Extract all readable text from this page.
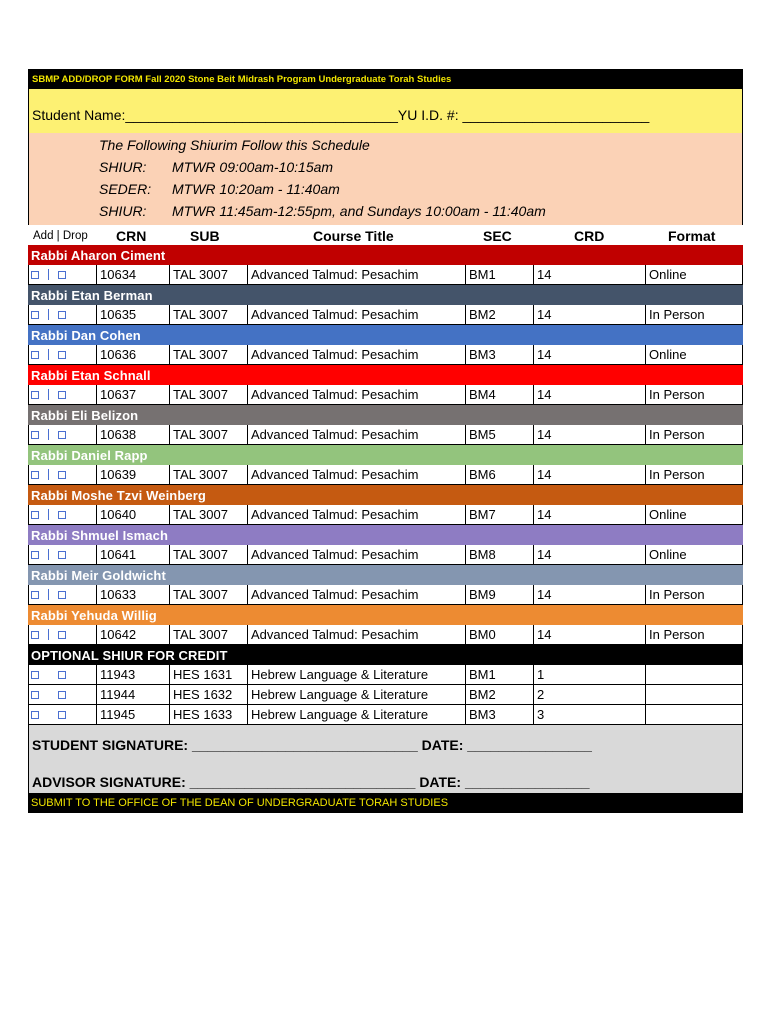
SBMP ADD/DROP FORM Fall 2020 Stone Beit Midrash Program Undergraduate Torah Studies
Student Name:___________________________________YU I.D. #: ________________________
The Following Shiurim Follow this Schedule
SHIUR: MTWR 09:00am-10:15am
SEDER: MTWR 10:20am - 11:40am
SHIUR: MTWR 11:45am-12:55pm, and Sundays 10:00am - 11:40am
Add | Drop CRN	SUB	Course Title	SEC	CRD	Format
Rabbi Aharon Ciment
10634	TAL 3007	Advanced Talmud: Pesachim	BM1	14	Online
Rabbi Etan Berman
10635	TAL 3007	Advanced Talmud: Pesachim	BM2	14	In Person
Rabbi Dan Cohen
10636	TAL 3007	Advanced Talmud: Pesachim	BM3	14	Online
Rabbi Etan Schnall
10637	TAL 3007	Advanced Talmud: Pesachim	BM4	14	In Person
Rabbi Eli Belizon
10638	TAL 3007	Advanced Talmud: Pesachim	BM5	14	In Person
Rabbi Daniel Rapp
10639	TAL 3007	Advanced Talmud: Pesachim	BM6	14	In Person
Rabbi Moshe Tzvi Weinberg
10640	TAL 3007	Advanced Talmud: Pesachim	BM7	14	Online
Rabbi Shmuel Ismach
10641	TAL 3007	Advanced Talmud: Pesachim	BM8	14	Online
Rabbi Meir Goldwicht
10633	TAL 3007	Advanced Talmud: Pesachim	BM9	14	In Person
Rabbi Yehuda Willig
10642	TAL 3007	Advanced Talmud: Pesachim	BM0	14	In Person
OPTIONAL SHIUR FOR CREDIT
11943	HES 1631	Hebrew Language & Literature	BM1	1
11944	HES 1632	Hebrew Language & Literature	BM2	2
11945	HES 1633	Hebrew Language & Literature	BM3	3
STUDENT SIGNATURE: _____________________________ DATE: ________________
ADVISOR SIGNATURE: _____________________________ DATE: ________________
SUBMIT TO THE OFFICE OF THE DEAN OF UNDERGRADUATE TORAH STUDIES
